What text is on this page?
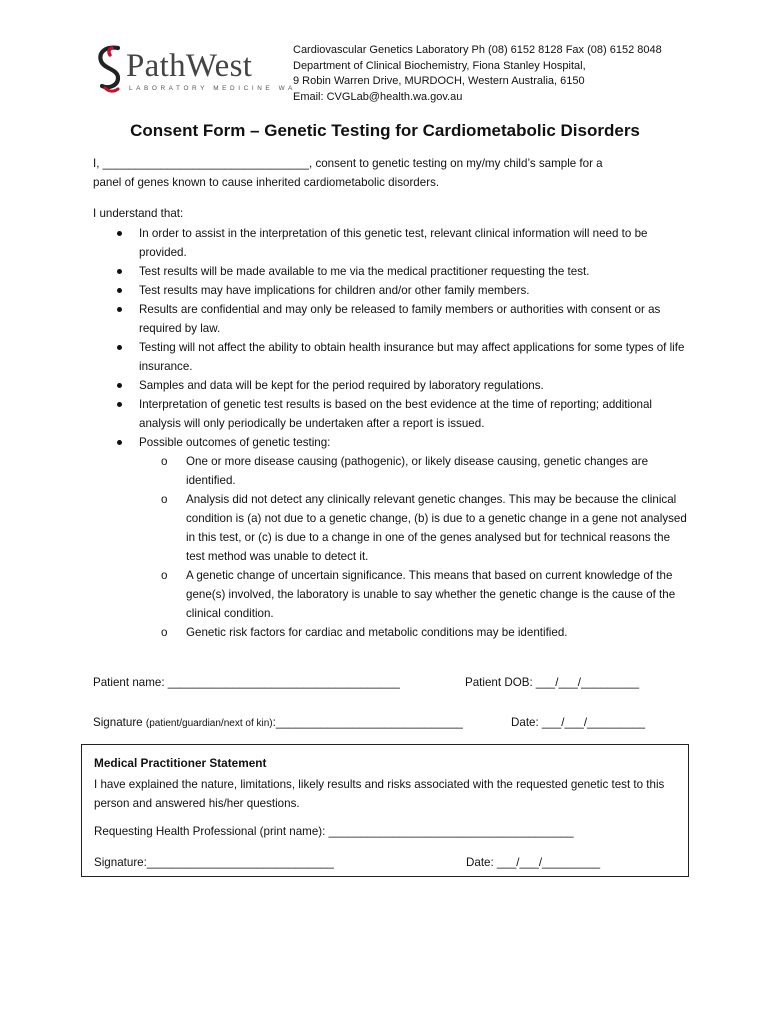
PathWest
LABORATORY MEDICINE WA
Cardiovascular Genetics Laboratory Ph (08) 6152 8128 Fax (08) 6152 8048
Department of Clinical Biochemistry, Fiona Stanley Hospital,
9 Robin Warren Drive, MURDOCH, Western Australia, 6150
Email: CVGLab@health.wa.gov.au
Consent Form – Genetic Testing for Cardiometabolic Disorders
I, ________________________________, consent to genetic testing on my/my child’s sample for a
panel of genes known to cause inherited cardiometabolic disorders.
I understand that:
In order to assist in the interpretation of this genetic test, relevant clinical information will need to be provided.
Test results will be made available to me via the medical practitioner requesting the test.
Test results may have implications for children and/or other family members.
Results are confidential and may only be released to family members or authorities with consent or as required by law.
Testing will not affect the ability to obtain health insurance but may affect applications for some types of life insurance.
Samples and data will be kept for the period required by laboratory regulations.
Interpretation of genetic test results is based on the best evidence at the time of reporting; additional analysis will only periodically be undertaken after a report is issued.
Possible outcomes of genetic testing:
o One or more disease causing (pathogenic), or likely disease causing, genetic changes are identified.
o Analysis did not detect any clinically relevant genetic changes. This may be because the clinical condition is (a) not due to a genetic change, (b) is due to a genetic change in a gene not analysed in this test, or (c) is due to a change in one of the genes analysed but for technical reasons the test method was unable to detect it.
o A genetic change of uncertain significance. This means that based on current knowledge of the gene(s) involved, the laboratory is unable to say whether the genetic change is the cause of the clinical condition.
o Genetic risk factors for cardiac and metabolic conditions may be identified.
Patient name: ____________________________________	Patient DOB: ___/___/_________
Signature (patient/guardian/next of kin):_____________________________	Date: ___/___/_________
Medical Practitioner Statement
I have explained the nature, limitations, likely results and risks associated with the requested genetic test to this person and answered his/her questions.
Requesting Health Professional (print name): ______________________________________
Signature:_____________________________	Date: ___/___/_________
